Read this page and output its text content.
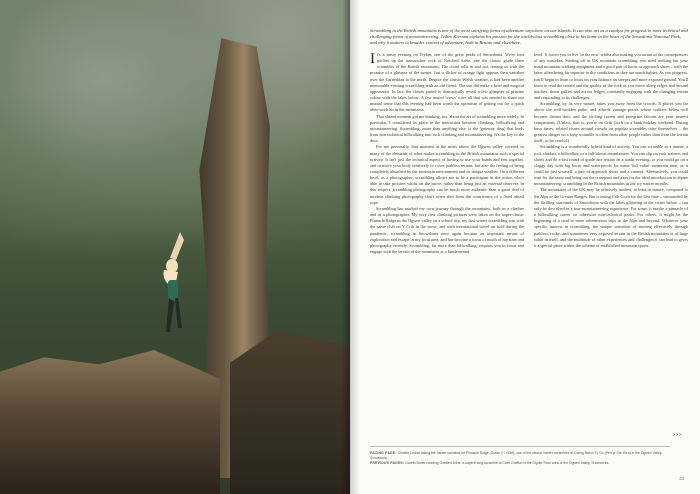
Scrambling in the British mountains is one of the most satisfying forms of adventure anywhere on our islands. It can also act as a catalyst for progress to more technical and challenging forms of mountaineering. Jethro Kiernan explains his passion for the world-class scrambling close to his home in the heart of the Snowdonia National Park, and why it matters to broader context of adventure, both in Britain and elsewhere.

It's a misty evening on Tryfan, one of the great peaks of Snowdonia. We're four pitches up the immaculate rock of Notched Arête, one the classic grade three scrambles of the British mountains. The cloud rolls in and out, teasing us with the promise of a glimpse of the sunset. Just a flicker of orange light appears then vanishes over the Carneddau to the north. Despite the classic Welsh weather, it had been another memorable evening scrambling with an old friend. The sun did make a brief and magical appearance. In fact, the clouds parted to dramatically reveal a few glimpses of pristine colour with the lakes below. A few muted 'wows' were all that was needed to share our mutual sense that this evening had been worth the optimism of getting out for a quick after-work hit in the mountains.

That shared moment got me thinking, too, about the art of scrambling more widely. In particular, I considered its place in the interaction between climbing, hillwalking and mountaineering. Scrambling, more than anything else, is the 'gateway drug' that leads from non-technical hillwalking into rock climbing and mountaineering. It's the key to the door.

For me personally, that moment in the mists above the Ogwen valley covered so many of the elements of what makes scrambling in the British mountains such a special activity. It isn't just the technical aspect of having to use your hands and feet together, and to move your body creatively to cover pathless terrain, but also the feeling of being completely absorbed by the mountain environment and its unique weather. On a different level, as a photographer, scrambling allows me to be a participant in the action who's able to take pictures whilst on the move, rather than being just an external observer. In this respect, scrambling photography can be much more authentic than a great deal of modern climbing photography that's often shot from the contrivance of a fixed abseil rope.

Scrambling has marked my own journey through the mountains, both as a climber and as a photographer. My very first climbing pictures were taken on the super-classic Pinnacle Ridge in the Ogwen valley on a school trip, my first winter scrambling was with the same club on Y Crib in the snow; and with international travel on hold during the pandemic, scrambling in Snowdonia once again became an important means of exploration and escape in my local area, and has become a focus of much of my time and photography recently. Scrambling, far more than hillwalking, requires you to focus and engage with the terrain of the mountains at a fundamental

level. It forces you to live 'in the now' whilst also making you aware of the consequences of any mistakes. Starting off in UK mountain scrambling, you need nothing but your usual mountain walking equipment and a good pair of boots or approach shoes – with the latter often being far superior to dry conditions as they are much lighter. As you progress, you'll begin to learn to focus on your balance on steeper and more exposed ground. You'll learn to read the terrain and the quality of the rock as you move along ridges and around notches, down gullies and across ledges, constantly engaging with the changing terrain and responding to its challenges.

Scrambling, by its very nature, takes you away from the crowds. It places you far above the well-trodden paths, and affords vantage points where walkers below will become distant dots, and the circling ravens and peregrine falcons are your nearest companions. (Unless, that is, you're on Crib Goch on a bank holiday weekend. During busy times, related issues around crowds on popular scrambles raise themselves – the greatest danger on a busy scramble is often from other people rather than from the terrain itself, so be careful.)

Scrambling is a wonderfully hybrid kind of activity. You can scramble as a runner, a rock climber, a hillwalker, or a full-blown mountaineer. You can slip on your trainers and shorts and do a fast round of grade one terrain on a sunlit evening, or you could go on a claggy day with big boots and waterproofs for some 'full value' mountain time, or it could be just yourself, a pair of approach shoes and a camera. Alternatively, you could wait for the snow and bring out the crampons and axes for the ideal introduction to alpine mountaineering: scrambling in the British mountains in the icy winter months.

The mountains of the UK may be relatively modest, at least in stature, compared to the Alps or the Greater Ranges. But crossing Crib Goch for the first time – surrounded by the thrilling surrounds of Snowdonia with the lakes glittering in the cwms below – can only be described as a true mountaineering experience. For some, it maybe a pinnacle of a hillwalking career on otherwise non-technical peaks. For others, it might be the beginning of a road to more adventurous trips to the Alps and beyond. Whatever your specific interest in scrambling, the unique sensation of moving effectively through pathless, rocky, and sometimes very exposed terrain in the British mountains is of huge value in itself, and the multitude of other experiences and challenges it can lead to gives it a special place within the scheme of established mountain sports.

>>>
FACING PAGE: Christie Louise taking the harder variation on Pinnacle Ridge (Grade 2 / VDiff), one of the classic harder scrambles at Cwmg Bwich Ty Gu (Pen yr Ole Wen) in the Ogwen Valley, Snowdonia.
PREVIOUS PAGES: Gareth Boner heading Gradfen Arête, a superb long scramble at Cwm Graffon in the Glyder Fawr area of the Ogwen Valley, Snowdonia.
33
